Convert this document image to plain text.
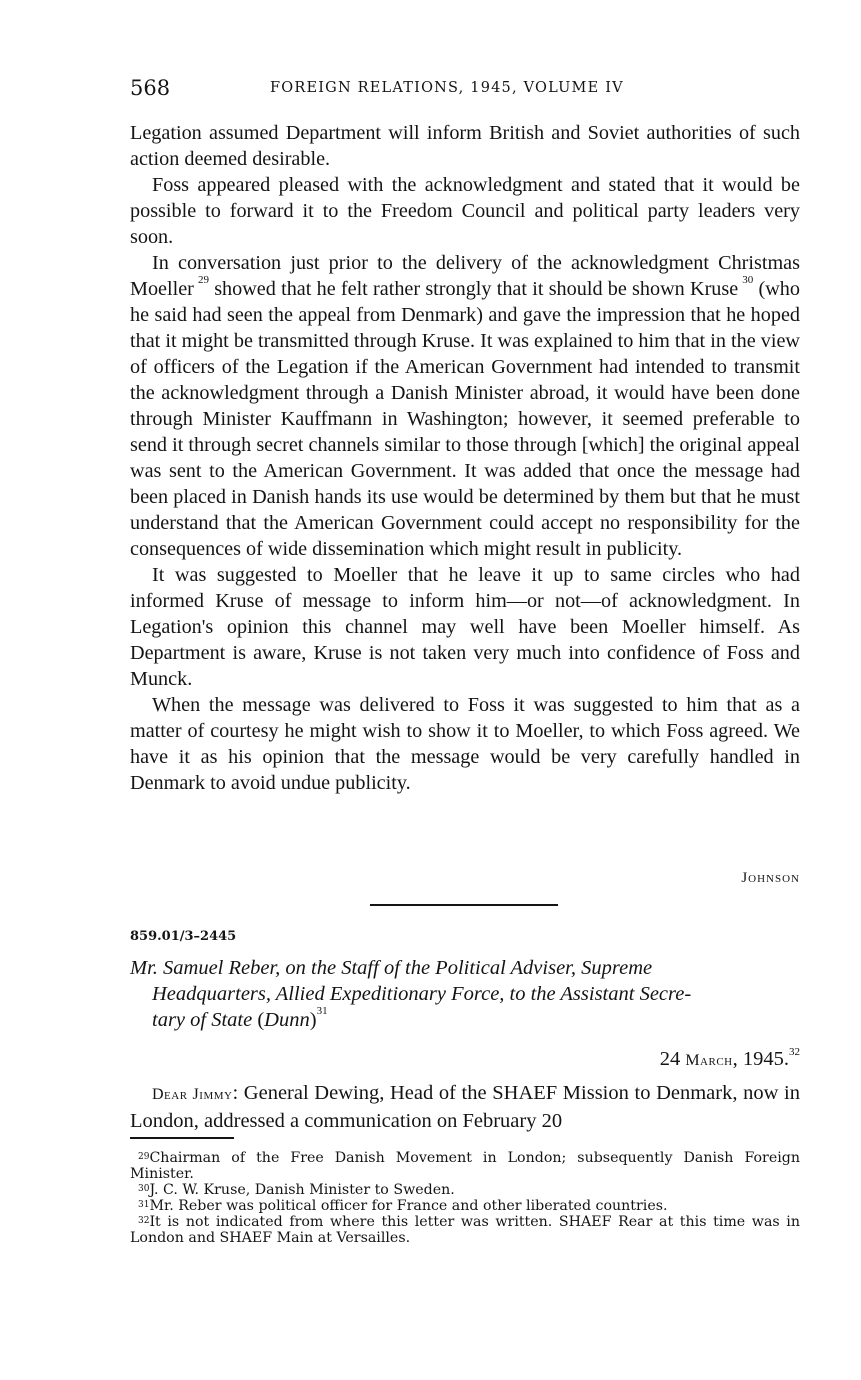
568	FOREIGN RELATIONS, 1945, VOLUME IV

Legation assumed Department will inform British and Soviet authorities of such action deemed desirable.

Foss appeared pleased with the acknowledgment and stated that it would be possible to forward it to the Freedom Council and political party leaders very soon.

In conversation just prior to the delivery of the acknowledgment Christmas Moeller  $^{29}$ showed that he felt rather strongly that it should be shown Kruse  $^{30}$ (who he said had seen the appeal from Denmark) and gave the impression that he hoped that it might be transmitted through Kruse. It was explained to him that in the view of officers of the Legation if the American Government had intended to transmit the acknowledgment through a Danish Minister abroad, it would have been done through Minister Kauffmann in Washington; however, it seemed preferable to send it through secret channels similar to those through [which] the original appeal was sent to the American Government. It was added that once the message had been placed in Danish hands its use would be determined by them but that he must understand that the American Government could accept no responsibility for the consequences of wide dissemination which might result in publicity.

It was suggested to Moeller that he leave it up to same circles who had informed Kruse of message to inform him—or not—of acknowledgment. In Legation's opinion this channel may well have been Moeller himself. As Department is aware, Kruse is not taken very much into confidence of Foss and Munck.

When the message was delivered to Foss it was suggested to him that as a matter of courtesy he might wish to show it to Moeller, to which Foss agreed. We have it as his opinion that the message would be very carefully handled in Denmark to avoid undue publicity.

Johnson
859.01/3–2445
Mr. Samuel Reber, on the Staff of the Political Adviser, Supreme
Headquarters, Allied Expeditionary Force, to the Assistant Secre-
tary of State (Dunn)$^{31}$
24 March, 1945.32
Dear Jimmy: General Dewing, Head of the SHAEF Mission to Denmark, now in London, addressed a communication on February 20

$^{29}$Chairman of the Free Danish Movement in London; subsequently Danish Foreign Minister.

$^{30}$J. C. W. Kruse, Danish Minister to Sweden.

$^{31}$Mr. Reber was political officer for France and other liberated countries.

$^{32}$It is not indicated from where this letter was written. SHAEF Rear at this time was in London and SHAEF Main at Versailles.
